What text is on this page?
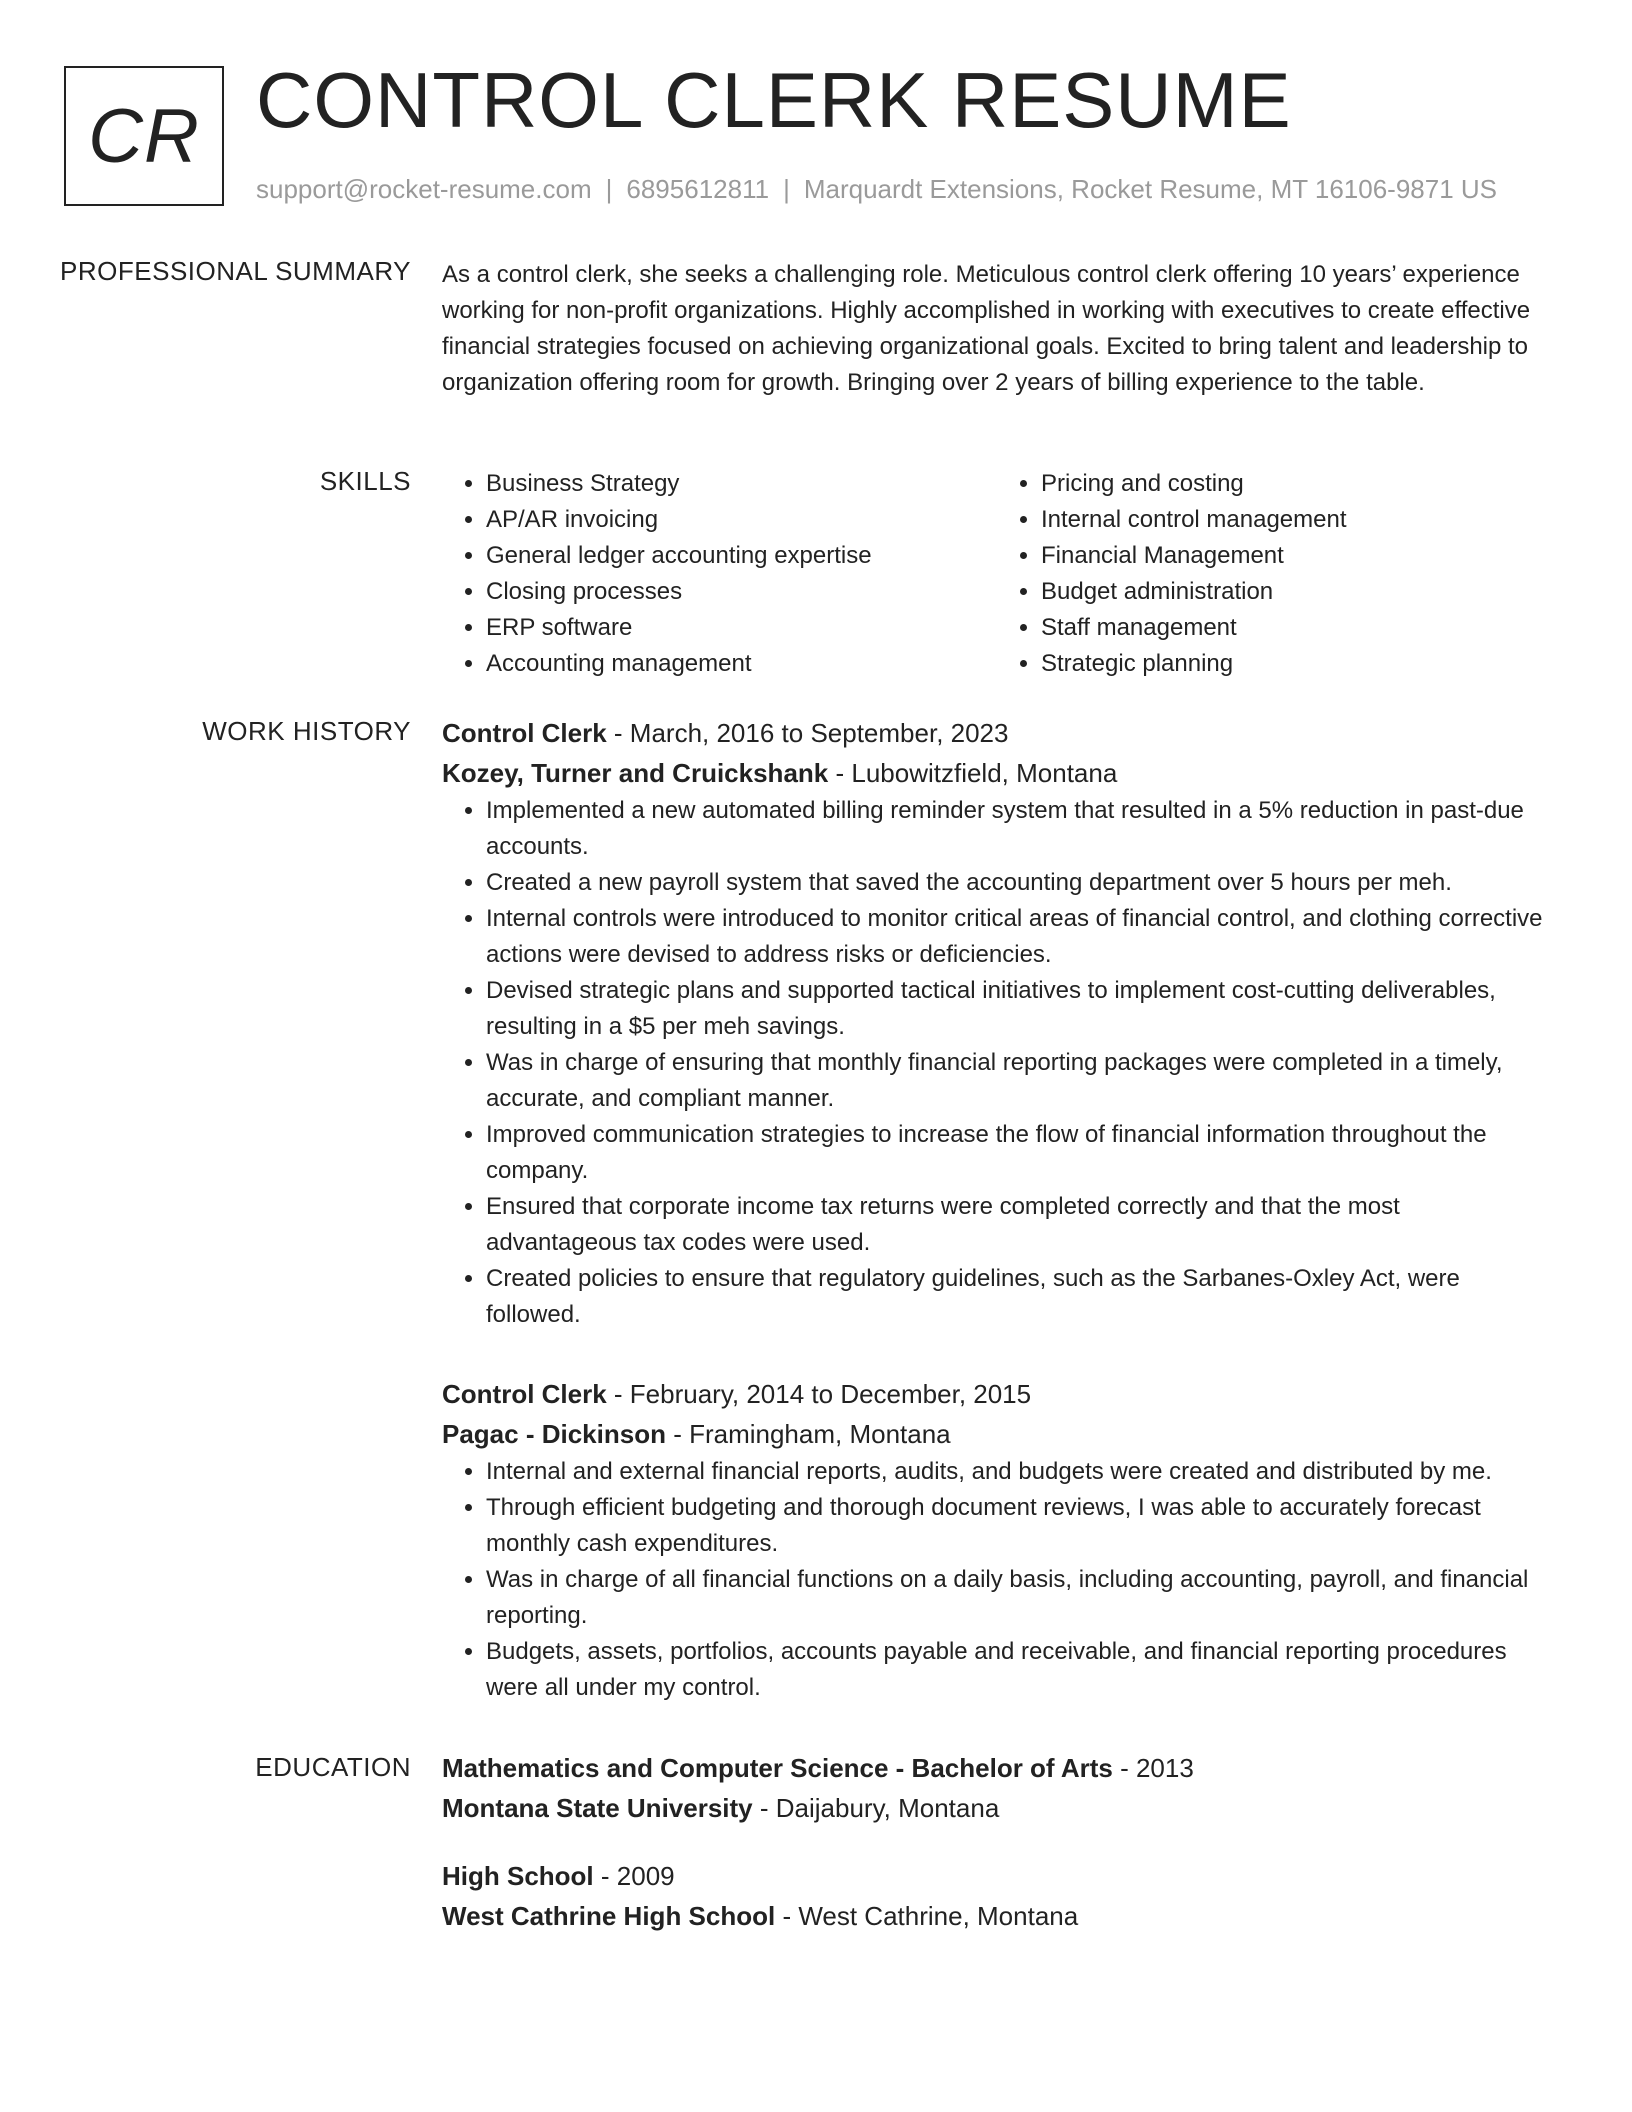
CR CONTROL CLERK RESUME
support@rocket-resume.com | 6895612811 | Marquardt Extensions, Rocket Resume, MT 16106-9871 US
PROFESSIONAL SUMMARY As a control clerk, she seeks a challenging role. Meticulous control clerk offering 10 years’ experience working for non-profit organizations. Highly accomplished in working with executives to create effective financial strategies focused on achieving organizational goals. Excited to bring talent and leadership to organization offering room for growth. Bringing over 2 years of billing experience to the table.

SKILLS
•	Business Strategy
• AP/AR invoicing
• General ledger accounting expertise
• Closing processes
• ERP software
• Accounting management
• Pricing and costing
• Internal control management
• Financial Management
• Budget administration
• Staff management
• Strategic planning
WORK HISTORY Control Clerk - March, 2016 to September, 2023
Kozey, Turner and Cruickshank - Lubowitzfield, Montana
• Implemented a new automated billing reminder system that resulted in a 5% reduction in past-due accounts.
• Created a new payroll system that saved the accounting department over 5 hours per meh.
• Internal controls were introduced to monitor critical areas of financial control, and clothing corrective actions were devised to address risks or deficiencies.
• Devised strategic plans and supported tactical initiatives to implement cost-cutting deliverables, resulting in a $5 per meh savings.
• Was in charge of ensuring that monthly financial reporting packages were completed in a timely, accurate, and compliant manner.
• Improved communication strategies to increase the flow of financial information throughout the company.
• Ensured that corporate income tax returns were completed correctly and that the most advantageous tax codes were used.
• Created policies to ensure that regulatory guidelines, such as the Sarbanes-Oxley Act, were followed.
Control Clerk - February, 2014 to December, 2015
Pagac - Dickinson - Framingham, Montana
• Internal and external financial reports, audits, and budgets were created and distributed by me.
• Through efficient budgeting and thorough document reviews, I was able to accurately forecast monthly cash expenditures.
• Was in charge of all financial functions on a daily basis, including accounting, payroll, and financial reporting.
• Budgets, assets, portfolios, accounts payable and receivable, and financial reporting procedures were all under my control.
EDUCATION Mathematics and Computer Science - Bachelor of Arts - 2013
Montana State University - Daijabury, Montana
High School - 2009
West Cathrine High School - West Cathrine, Montana
